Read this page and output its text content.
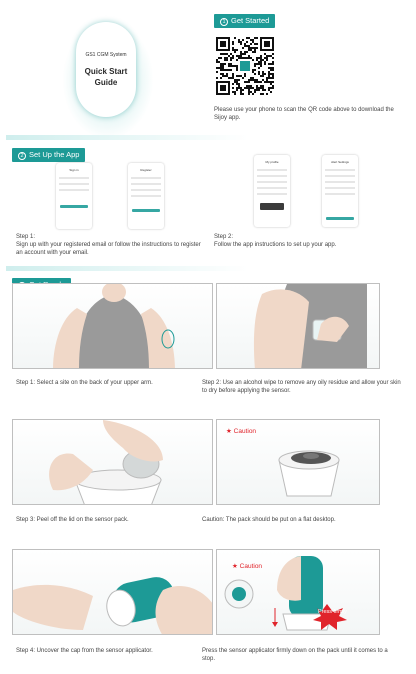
GS1 CGM System
Quick Start
Guide
1 Get Started
Please use your phone to scan the QR code above to download the Sijoy app.
2 Set Up the App
Sign in	Register
My profile	Alert Settings
Step 1:
Sign up with your registered email or follow the instructions to register an account with your email.
Step 2:
Follow the app instructions to set up your app.
Step 1: Select a site on the back of your upper arm.	Step 2: Use an alcohol wipe to remove any oily residue and allow your skin to dry before applying the sensor.
★ Caution
Step 3: Peel off the lid on the sensor pack.	Caution: The pack should be put on a flat desktop.
★ Caution
Press firmly
Step 4: Uncover the cap from the sensor applicator.	Press the sensor applicator firmly down on the pack until it comes to a stop.
